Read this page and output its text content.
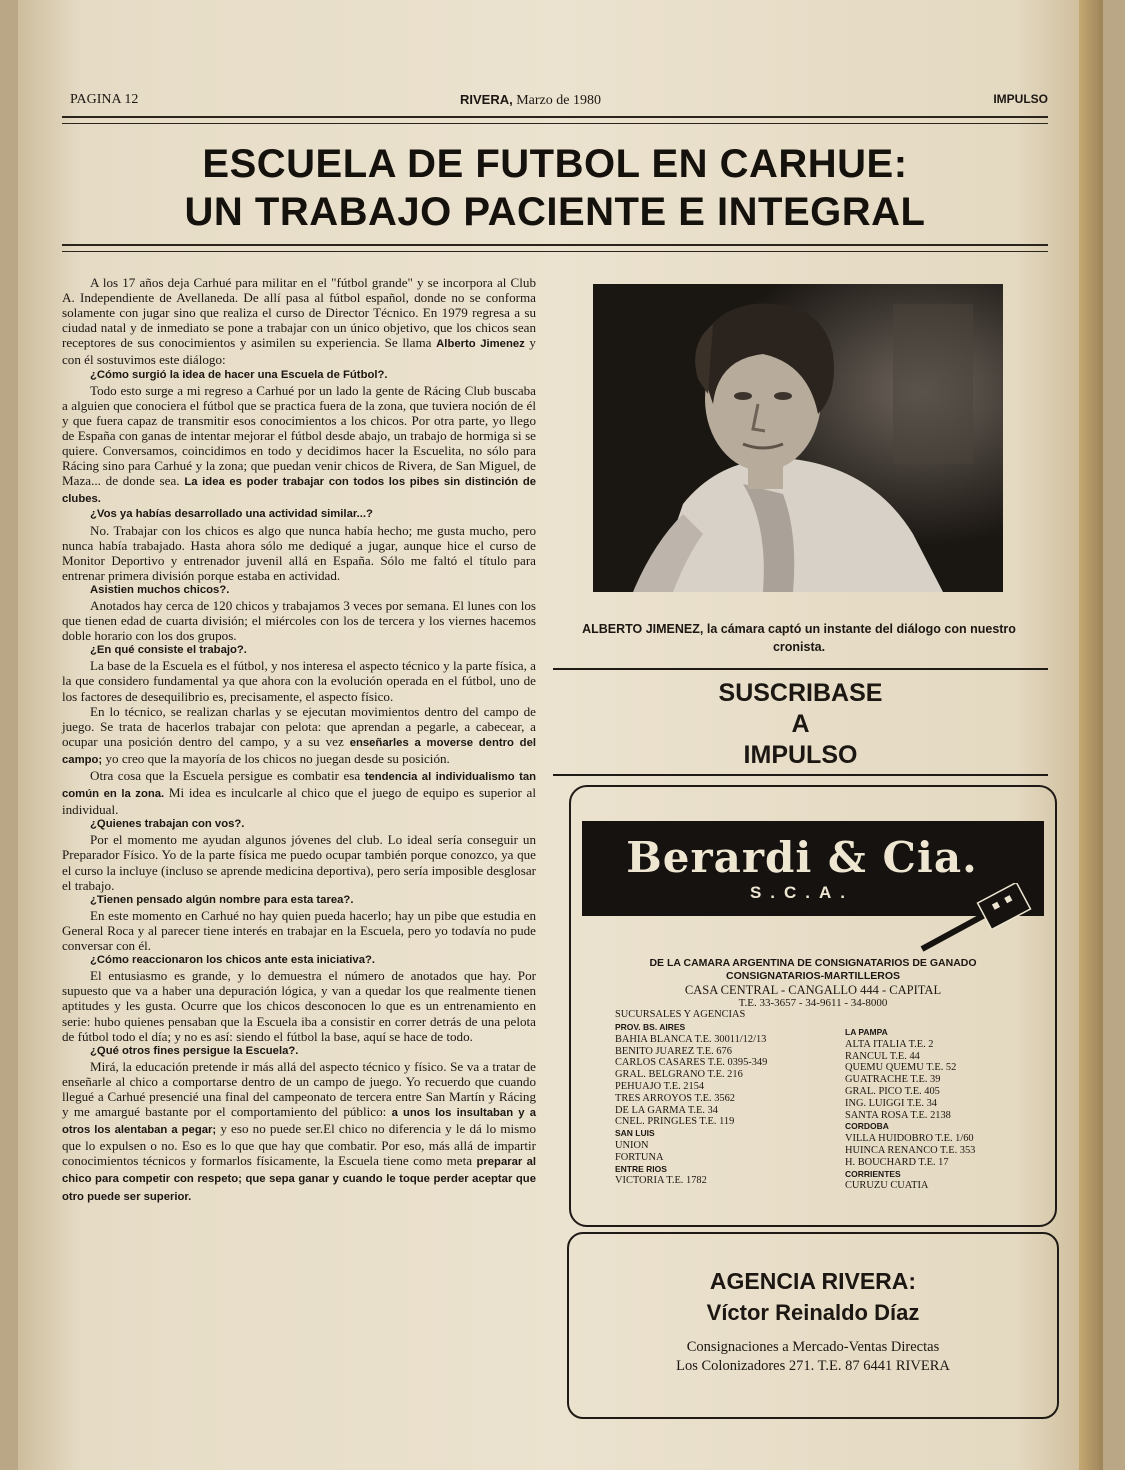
PAGINA 12	RIVERA, Marzo de 1980	IMPULSO
ESCUELA DE FUTBOL EN CARHUE:
UN TRABAJO PACIENTE E INTEGRAL

A los 17 años deja Carhué para militar en el "fútbol grande" y se incorpora al Club A. Independiente de Avellaneda. De allí pasa al fútbol español, donde no se conforma solamente con jugar sino que realiza el curso de Director Técnico. En 1979 regresa a su ciudad natal y de inmediato se pone a trabajar con un único objetivo, que los chicos sean receptores de sus conocimientos y asimilen su experiencia. Se llama Alberto Jimenez y con él sostuvimos este diálogo:

¿Cómo surgió la idea de hacer una Escuela de Fútbol?.

Todo esto surge a mi regreso a Carhué por un lado la gente de Rácing Club buscaba a alguien que conociera el fútbol que se practica fuera de la zona, que tuviera noción de él y que fuera capaz de transmitir esos conocimientos a los chicos. Por otra parte, yo llego de España con ganas de intentar mejorar el fútbol desde abajo, un trabajo de hormiga si se quiere. Conversamos, coincidimos en todo y decidimos hacer la Escuelita, no sólo para Rácing sino para Carhué y la zona; que puedan venir chicos de Rivera, de San Miguel, de Maza... de donde sea. La idea es poder trabajar con todos los pibes sin distinción de clubes.

¿Vos ya habías desarrollado una actividad similar...?

No. Trabajar con los chicos es algo que nunca había hecho; me gusta mucho, pero nunca había trabajado. Hasta ahora sólo me dediqué a jugar, aunque hice el curso de Monitor Deportivo y entrenador juvenil allá en España. Sólo me faltó el título para entrenar primera división porque estaba en actividad.

Asistien muchos chicos?.

Anotados hay cerca de 120 chicos y trabajamos 3 veces por semana. El lunes con los que tienen edad de cuarta división; el miércoles con los de tercera y los viernes hacemos doble horario con los dos grupos.

¿En qué consiste el trabajo?.

La base de la Escuela es el fútbol, y nos interesa el aspecto técnico y la parte física, a la que considero fundamental ya que ahora con la evolución operada en el fútbol, uno de los factores de desequilibrio es, precisamente, el aspecto físico.

En lo técnico, se realizan charlas y se ejecutan movimientos dentro del campo de juego. Se trata de hacerlos trabajar con pelota: que aprendan a pegarle, a cabecear, a ocupar una posición dentro del campo, y a su vez enseñarles a moverse dentro del campo; yo creo que la mayoría de los chicos no juegan desde su posición.

Otra cosa que la Escuela persigue es combatir esa tendencia al individualismo tan común en la zona. Mi idea es inculcarle al chico que el juego de equipo es superior al individual.

¿Quienes trabajan con vos?.

Por el momento me ayudan algunos jóvenes del club. Lo ideal sería conseguir un Preparador Físico. Yo de la parte física me puedo ocupar también porque conozco, ya que el curso la incluye (incluso se aprende medicina deportiva), pero sería imposible desglosar el trabajo.

¿Tienen pensado algún nombre para esta tarea?.

En este momento en Carhué no hay quien pueda hacerlo; hay un pibe que estudia en General Roca y al parecer tiene interés en trabajar en la Escuela, pero yo todavía no pude conversar con él.

¿Cómo reaccionaron los chicos ante esta iniciativa?.

El entusiasmo es grande, y lo demuestra el número de anotados que hay. Por supuesto que va a haber una depuración lógica, y van a quedar los que realmente tienen aptitudes y les gusta. Ocurre que los chicos desconocen lo que es un entrenamiento en serie: hubo quienes pensaban que la Escuela iba a consistir en correr detrás de una pelota de fútbol todo el día; y no es así: siendo el fútbol la base, aquí se hace de todo.

¿Qué otros fines persigue la Escuela?.

Mirá, la educación pretende ir más allá del aspecto técnico y físico. Se va a tratar de enseñarle al chico a comportarse dentro de un campo de juego. Yo recuerdo que cuando llegué a Carhué presencié una final del campeonato de tercera entre San Martín y Rácing y me amargué bastante por el comportamiento del público: a unos los insultaban y a otros los alentaban a pegar; y eso no puede ser.El chico no diferencia y le dá lo mismo que lo expulsen o no. Eso es lo que que hay que combatir. Por eso, más allá de impartir conocimientos técnicos y formarlos físicamente, la Escuela tiene como meta preparar al chico para competir con respeto; que sepa ganar y cuando le toque perder aceptar que otro puede ser superior.

ALBERTO JIMENEZ, la cámara captó un instante del diálogo con nuestro cronista.
SUSCRIBASE
A
IMPULSO
Berardi & Cia.
S.C.A.
DE LA CAMARA ARGENTINA DE CONSIGNATARIOS DE GANADO
CONSIGNATARIOS-MARTILLEROS
CASA CENTRAL - CANGALLO 444 - CAPITAL
T.E. 33-3657 - 34-9611 - 34-8000
SUCURSALES Y AGENCIAS
PROV. BS. AIRES
BAHIA BLANCA T.E. 30011/12/13
BENITO JUAREZ T.E. 676
CARLOS CASARES T.E. 0395-349
GRAL. BELGRANO T.E. 216
PEHUAJO T.E. 2154
TRES ARROYOS T.E. 3562
DE LA GARMA T.E. 34
CNEL. PRINGLES T.E. 119
SAN LUIS
UNION
FORTUNA
ENTRE RIOS
VICTORIA T.E. 1782
LA PAMPA
ALTA ITALIA T.E. 2
RANCUL T.E. 44
QUEMU QUEMU T.E. 52
GUATRACHE T.E. 39
GRAL. PICO T.E. 405
ING. LUIGGI T.E. 34
SANTA ROSA T.E. 2138
CORDOBA
VILLA HUIDOBRO T.E. 1/60
HUINCA RENANCO T.E. 353
H. BOUCHARD T.E. 17
CORRIENTES
CURUZU CUATIA
AGENCIA RIVERA:
Víctor Reinaldo Díaz
Consignaciones a Mercado-Ventas Directas
Los Colonizadores 271. T.E. 87 6441 RIVERA
